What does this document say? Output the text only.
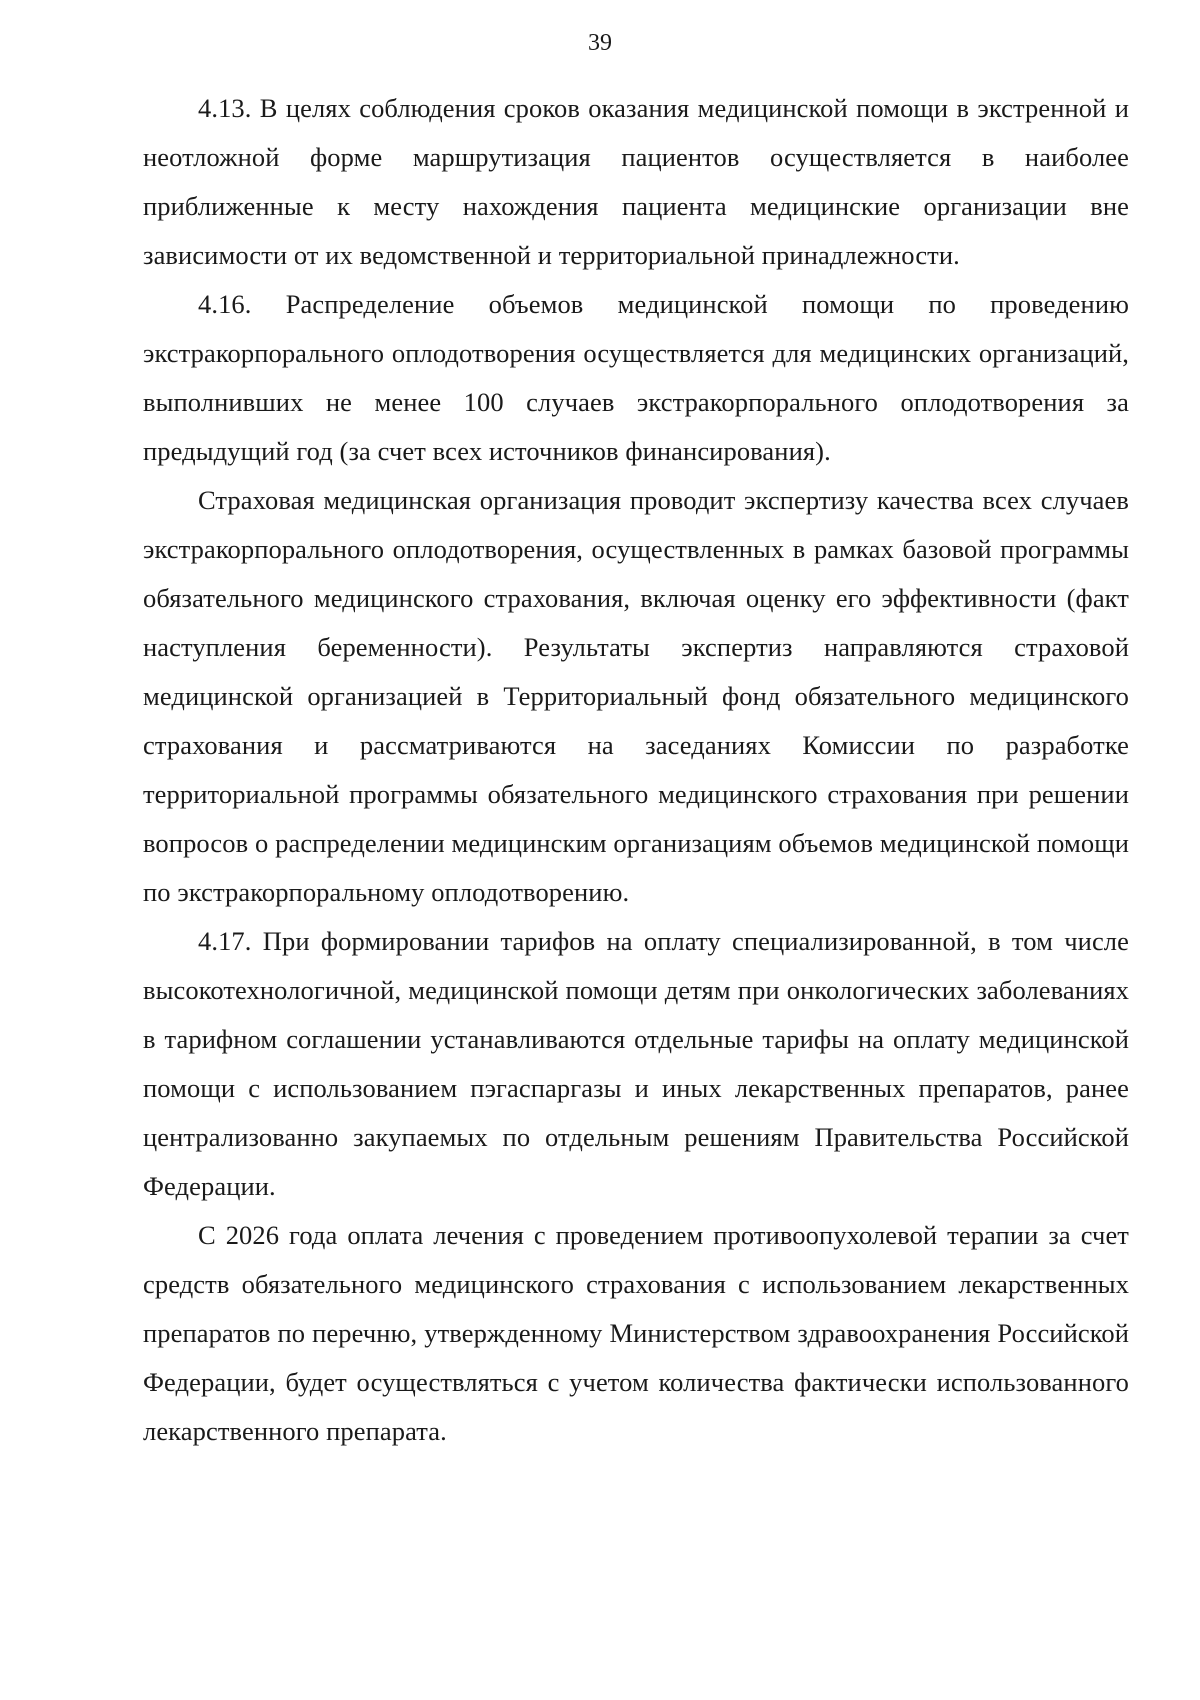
39

4.13. В целях соблюдения сроков оказания медицинской помощи в экстренной и неотложной форме маршрутизация пациентов осуществляется в наиболее приближенные к месту нахождения пациента медицинские организации вне зависимости от их ведомственной и территориальной принадлежности.

4.16. Распределение объемов медицинской помощи по проведению экстракорпорального оплодотворения осуществляется для медицинских организаций, выполнивших не менее 100 случаев экстракорпорального оплодотворения за предыдущий год (за счет всех источников финансирования).

Страховая медицинская организация проводит экспертизу качества всех случаев экстракорпорального оплодотворения, осуществленных в рамках базовой программы обязательного медицинского страхования, включая оценку его эффективности (факт наступления беременности). Результаты экспертиз направляются страховой медицинской организацией в Территориальный фонд обязательного медицинского страхования и рассматриваются на заседаниях Комиссии по разработке территориальной программы обязательного медицинского страхования при решении вопросов о распределении медицинским организациям объемов медицинской помощи по экстракорпоральному оплодотворению.

4.17. При формировании тарифов на оплату специализированной, в том числе высокотехнологичной, медицинской помощи детям при онкологических заболеваниях в тарифном соглашении устанавливаются отдельные тарифы на оплату медицинской помощи с использованием пэгаспаргазы и иных лекарственных препаратов, ранее централизованно закупаемых по отдельным решениям Правительства Российской Федерации.

С 2026 года оплата лечения с проведением противоопухолевой терапии за счет средств обязательного медицинского страхования с использованием лекарственных препаратов по перечню, утвержденному Министерством здравоохранения Российской Федерации, будет осуществляться с учетом количества фактически использованного лекарственного препарата.
